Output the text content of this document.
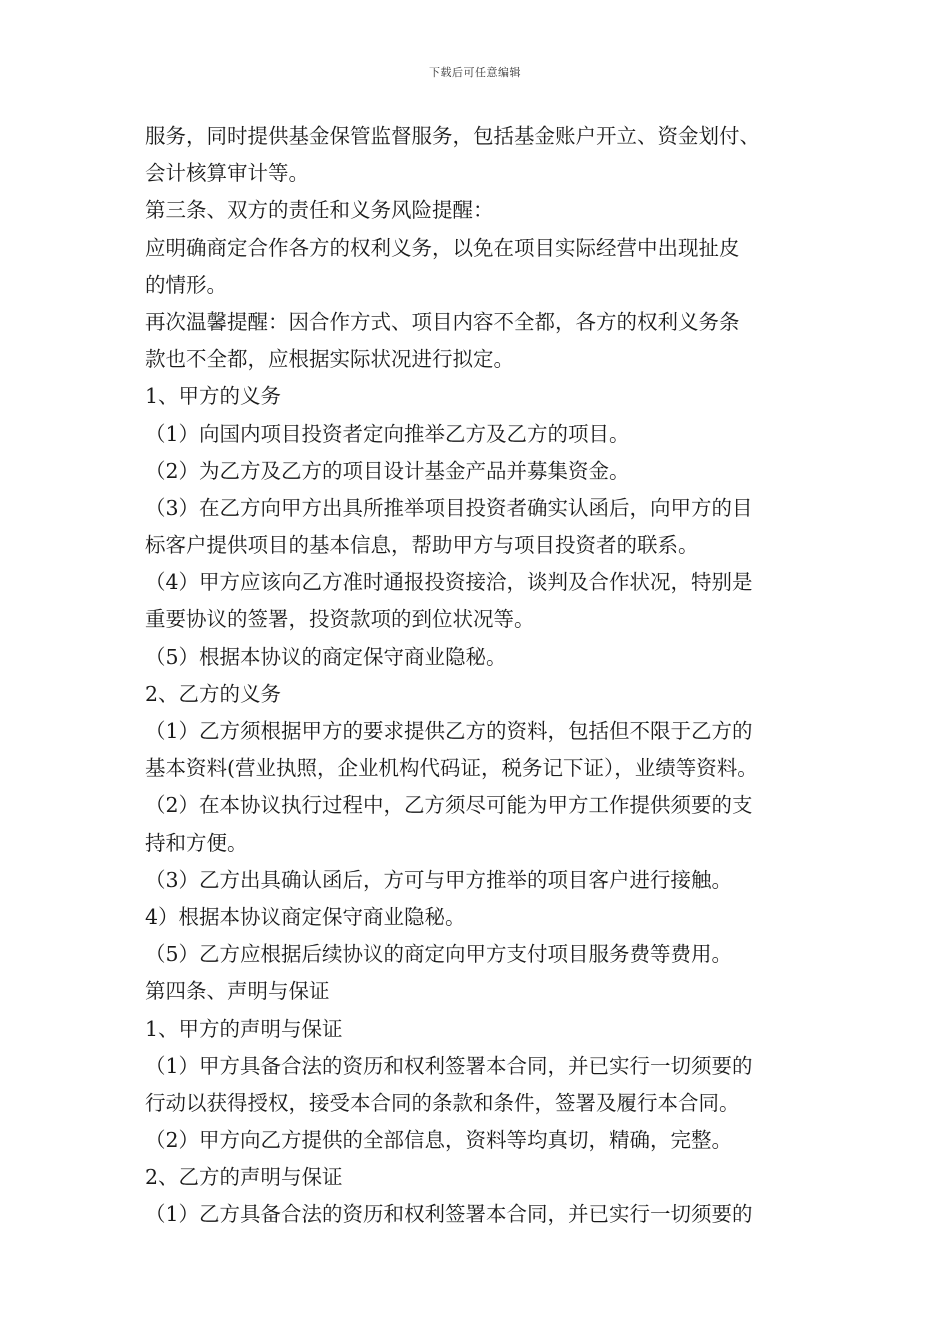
下载后可任意编辑
服务，同时提供基金保管监督服务，包括基金账户开立、资金划付、
会计核算审计等。
第三条、双方的责任和义务风险提醒：
应明确商定合作各方的权利义务，以免在项目实际经营中出现扯皮
的情形。
再次温馨提醒：因合作方式、项目内容不全都，各方的权利义务条
款也不全都，应根据实际状况进行拟定。
1、甲方的义务
（1）向国内项目投资者定向推举乙方及乙方的项目。
（2）为乙方及乙方的项目设计基金产品并募集资金。
（3）在乙方向甲方出具所推举项目投资者确实认函后，向甲方的目
标客户提供项目的基本信息，帮助甲方与项目投资者的联系。
（4）甲方应该向乙方准时通报投资接洽，谈判及合作状况，特别是
重要协议的签署，投资款项的到位状况等。
（5）根据本协议的商定保守商业隐秘。
2、乙方的义务
（1）乙方须根据甲方的要求提供乙方的资料，包括但不限于乙方的
基本资料(营业执照，企业机构代码证，税务记下证），业绩等资料。
（2）在本协议执行过程中，乙方须尽可能为甲方工作提供须要的支
持和方便。
（3）乙方出具确认函后，方可与甲方推举的项目客户进行接触。
4）根据本协议商定保守商业隐秘。
（5）乙方应根据后续协议的商定向甲方支付项目服务费等费用。
第四条、声明与保证
1、甲方的声明与保证
（1）甲方具备合法的资历和权利签署本合同，并已实行一切须要的
行动以获得授权，接受本合同的条款和条件，签署及履行本合同。
（2）甲方向乙方提供的全部信息，资料等均真切，精确，完整。
2、乙方的声明与保证
（1）乙方具备合法的资历和权利签署本合同，并已实行一切须要的
